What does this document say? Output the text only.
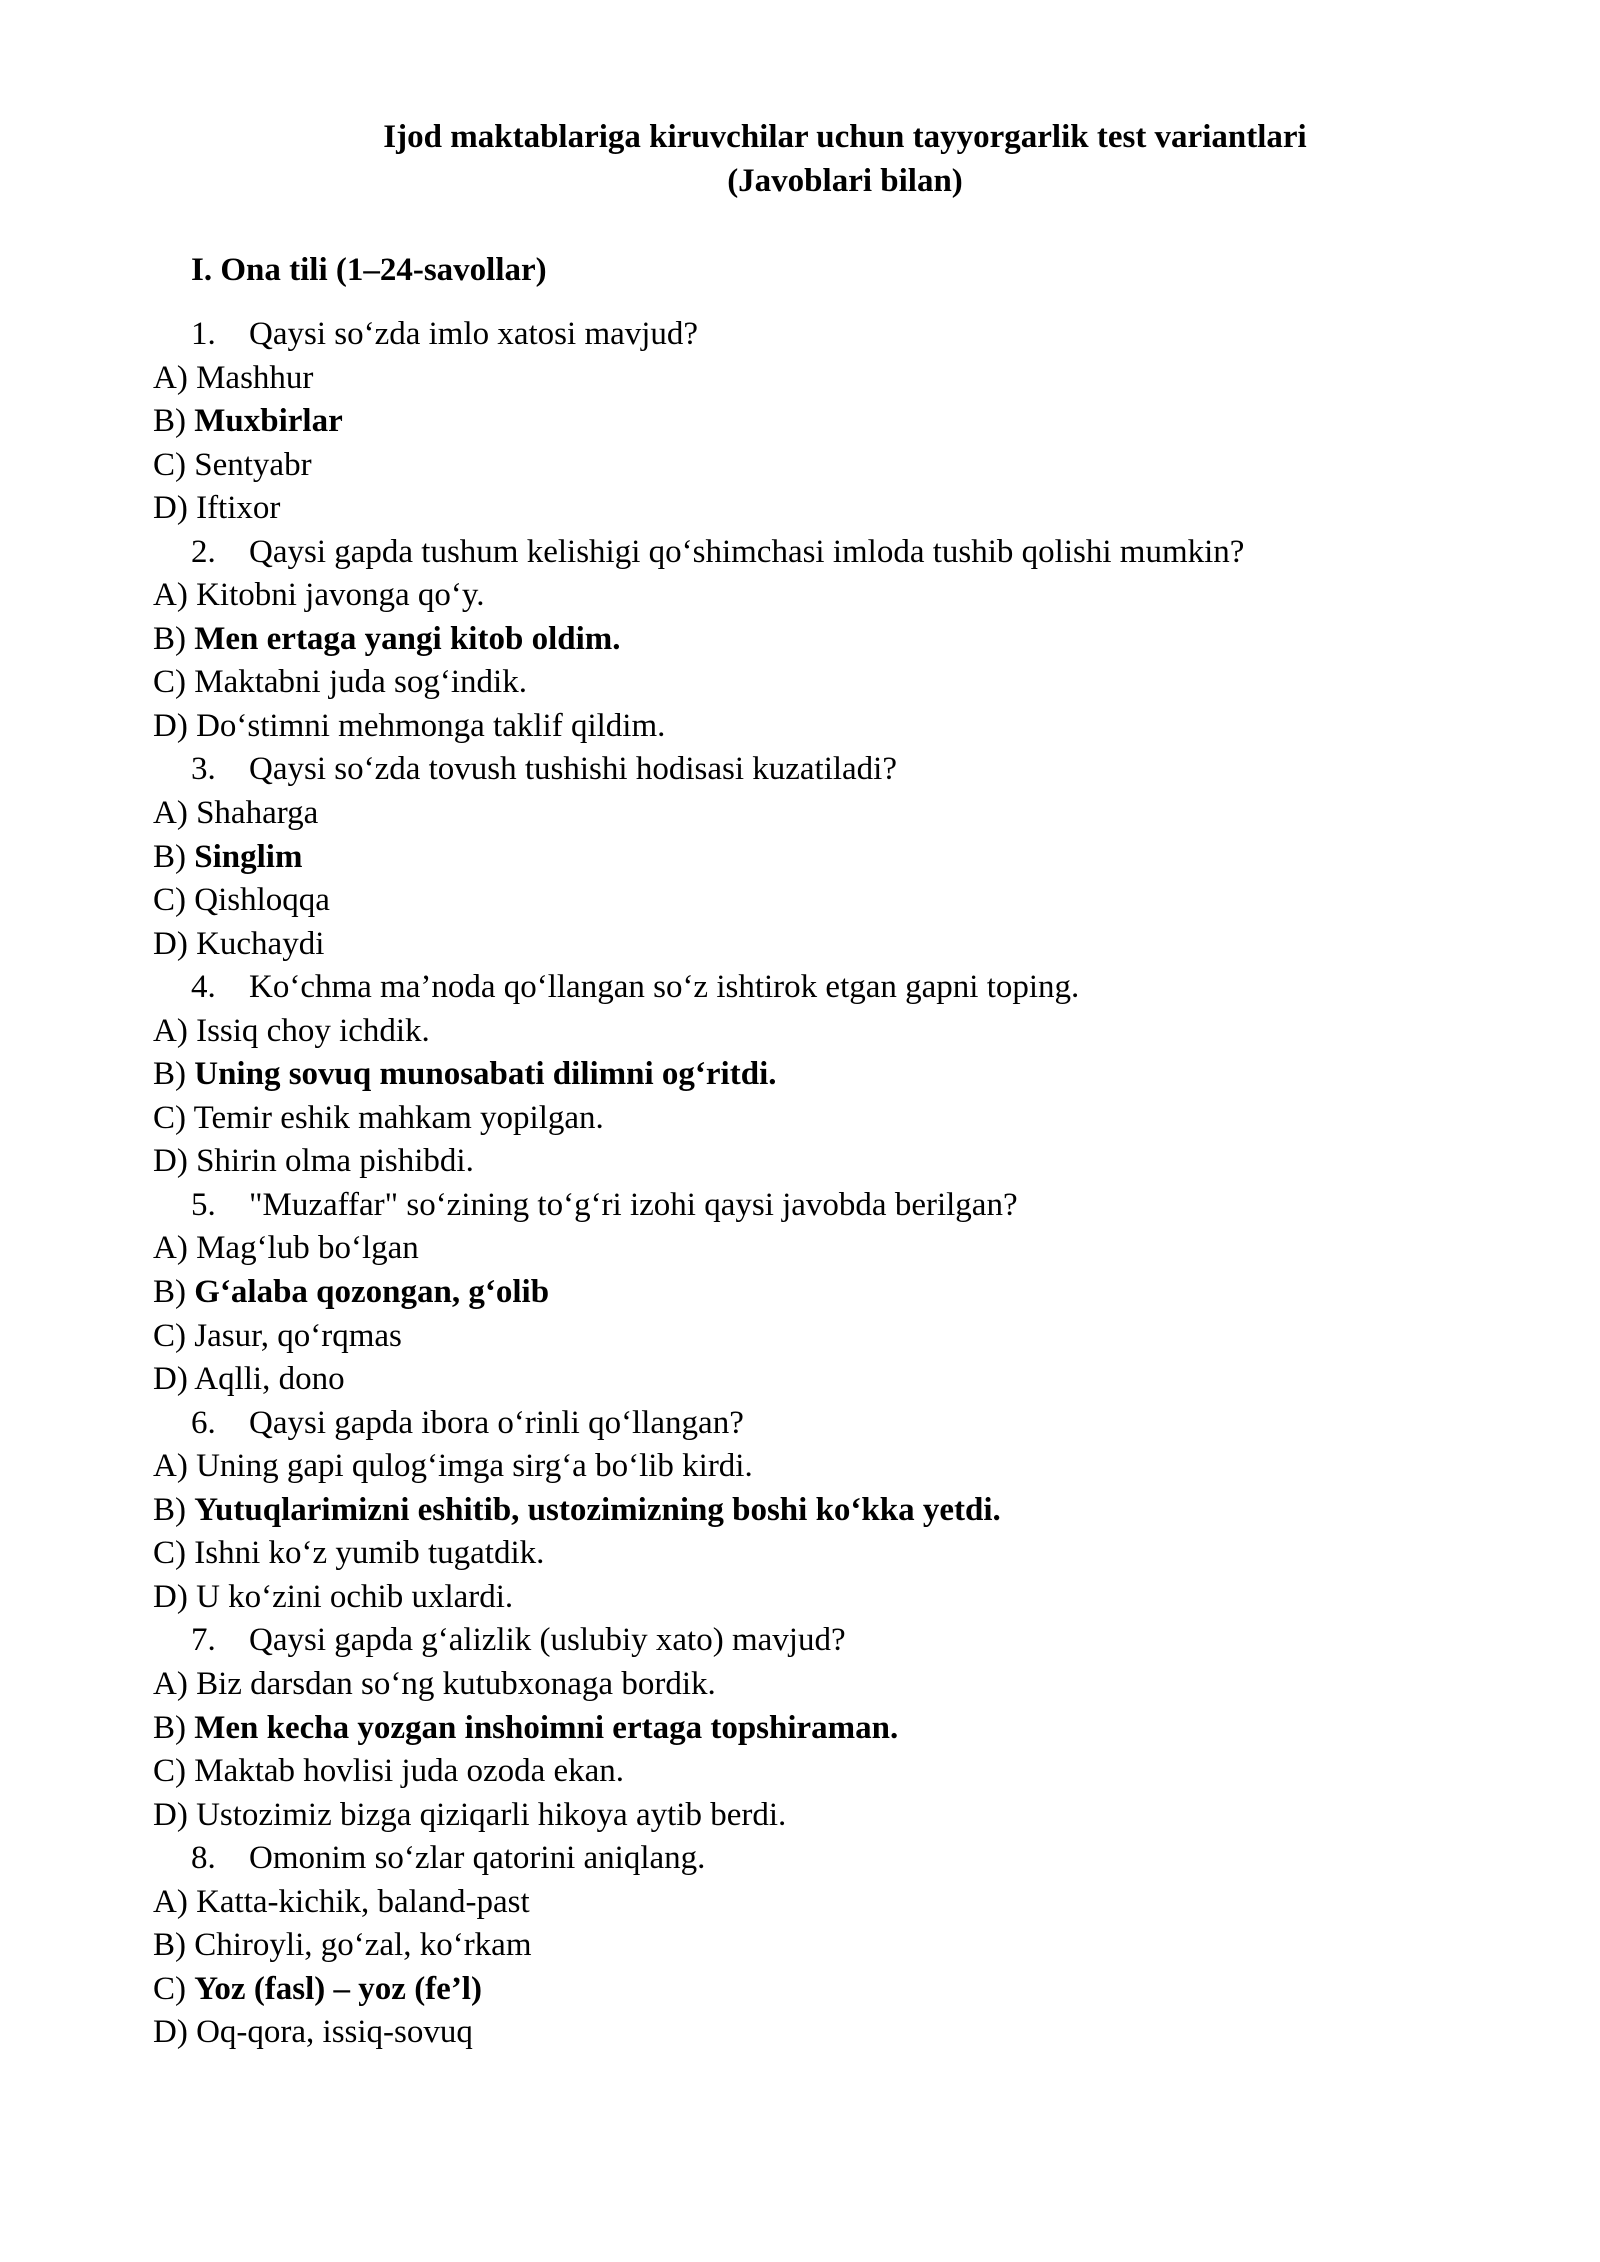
Ijod maktablariga kiruvchilar uchun tayyorgarlik test variantlari
(Javoblari bilan)
I. Ona tili (1–24-savollar)
1. Qaysi so‘zda imlo xatosi mavjud?
A) Mashhur
B) Muxbirlar
C) Sentyabr
D) Iftixor
2. Qaysi gapda tushum kelishigi qo‘shimchasi imloda tushib qolishi mumkin?
A) Kitobni javonga qo‘y.
B) Men ertaga yangi kitob oldim.
C) Maktabni juda sog‘indik.
D) Do‘stimni mehmonga taklif qildim.
3. Qaysi so‘zda tovush tushishi hodisasi kuzatiladi?
A) Shaharga
B) Singlim
C) Qishloqqa
D) Kuchaydi
4. Ko‘chma ma’noda qo‘llangan so‘z ishtirok etgan gapni toping.
A) Issiq choy ichdik.
B) Uning sovuq munosabati dilimni og‘ritdi.
C) Temir eshik mahkam yopilgan.
D) Shirin olma pishibdi.
5. "Muzaffar" so‘zining to‘g‘ri izohi qaysi javobda berilgan?
A) Mag‘lub bo‘lgan
B) G‘alaba qozongan, g‘olib
C) Jasur, qo‘rqmas
D) Aqlli, dono
6. Qaysi gapda ibora o‘rinli qo‘llangan?
A) Uning gapi qulog‘imga sirg‘a bo‘lib kirdi.
B) Yutuqlarimizni eshitib, ustozimizning boshi ko‘kka yetdi.
C) Ishni ko‘z yumib tugatdik.
D) U ko‘zini ochib uxlardi.
7. Qaysi gapda g‘alizlik (uslubiy xato) mavjud?
A) Biz darsdan so‘ng kutubxonaga bordik.
B) Men kecha yozgan inshoimni ertaga topshiraman.
C) Maktab hovlisi juda ozoda ekan.
D) Ustozimiz bizga qiziqarli hikoya aytib berdi.
8. Omonim so‘zlar qatorini aniqlang.
A) Katta-kichik, baland-past
B) Chiroyli, go‘zal, ko‘rkam
C) Yoz (fasl) – yoz (fe’l)
D) Oq-qora, issiq-sovuq
